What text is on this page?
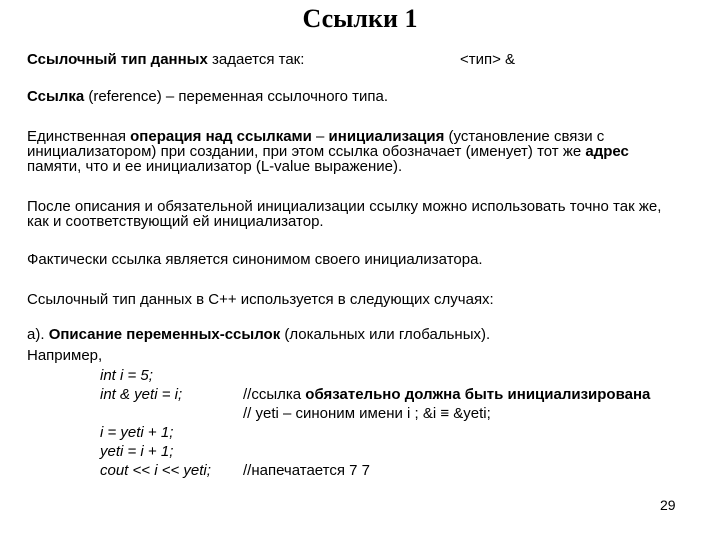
Ссылки 1
Ссылочный тип данных задается так:	<тип> &
Ссылка (reference) – переменная ссылочного типа.
Единственная операция над ссылками – инициализация (установление связи с
инициализатором) при создании, при этом ссылка обозначает (именует) тот же адрес
памяти, что и ее инициализатор (L-value выражение).
После описания и обязательной инициализации ссылку можно использовать точно так же,
как и соответствующий ей инициализатор.
Фактически ссылка является синонимом своего инициализатора.
Ссылочный тип данных в С++ используется в следующих случаях:
а). Описание переменных-ссылок (локальных или глобальных).
Например,
int i = 5;
int & yeti = i;	//ссылка обязательно должна быть инициализирована
// yeti – синоним имени i ; &i ≡ &yeti;
i = yeti + 1;
yeti = i + 1;
cout << i << yeti; //напечатается 7 7
29
